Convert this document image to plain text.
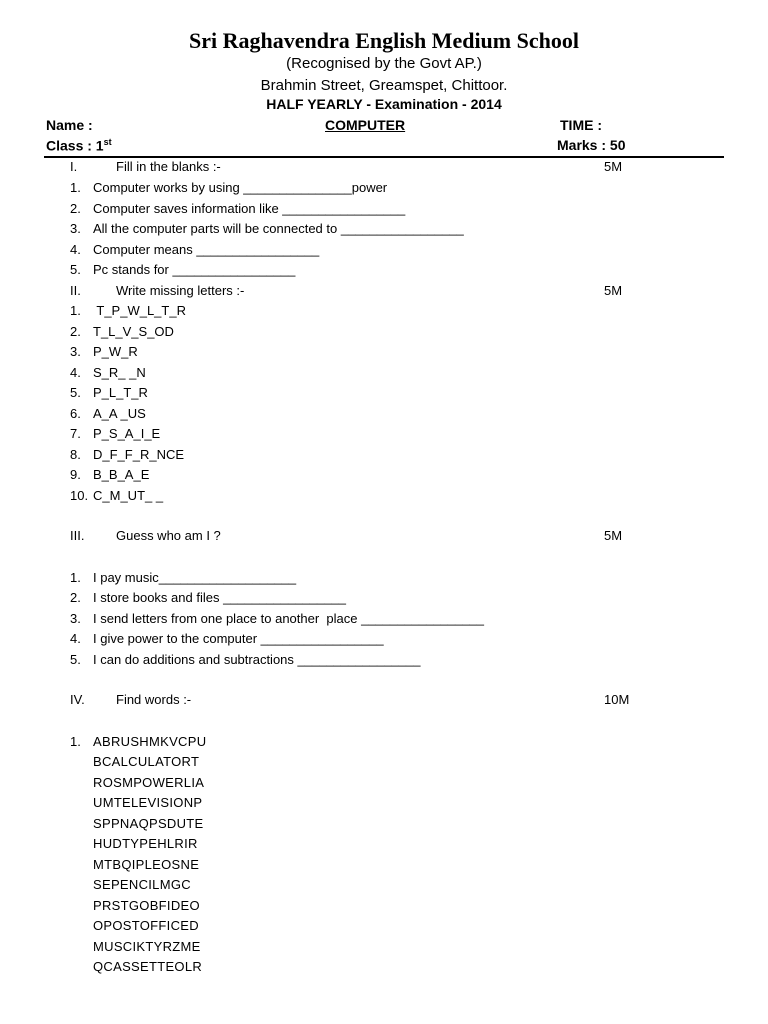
Sri Raghavendra English Medium School
(Recognised by the Govt AP.)
Brahmin Street, Greamspet, Chittoor.
HALF YEARLY - Examination - 2014
Name :	COMPUTER	TIME :
Class : 1st	Marks : 50
I.	Fill in the blanks :-	5M
1. Computer works by using _______________power
2. Computer saves information like _________________
3. All the computer parts will be connected to _________________
4. Computer means _________________
5. Pc stands for _________________
II.	Write missing letters :-	5M
1. T_P_W_L_T_R
2. T_L_V_S_OD
3. P_W_R
4. S_R_ _N
5. P_L_T_R
6. A_A _US
7. P_S_A_I_E
8. D_F_F_R_NCE
9. B_B_A_E
10. C_M_UT_ _
III. Guess who am I ?	5M
1. I pay music___________________
2. I store books and files _________________
3. I send letters from one place to another  place _________________
4. I give power to the computer _________________
5. I can do additions and subtractions _________________
IV. Find words :-	10M
1. ABRUSHMKVCPU
BCALCULATORT
ROSMPOWERLIA
UMTELEVISIONP
SPPNAQPSDUTE
HUDTYPEHLRIR
MTBQIPLEOSNE
SEPENCILMGC
PRSTGOBFIDEO
OPOSTOFFICED
MUSCIKTYRZME
QCASSETTEOLR
